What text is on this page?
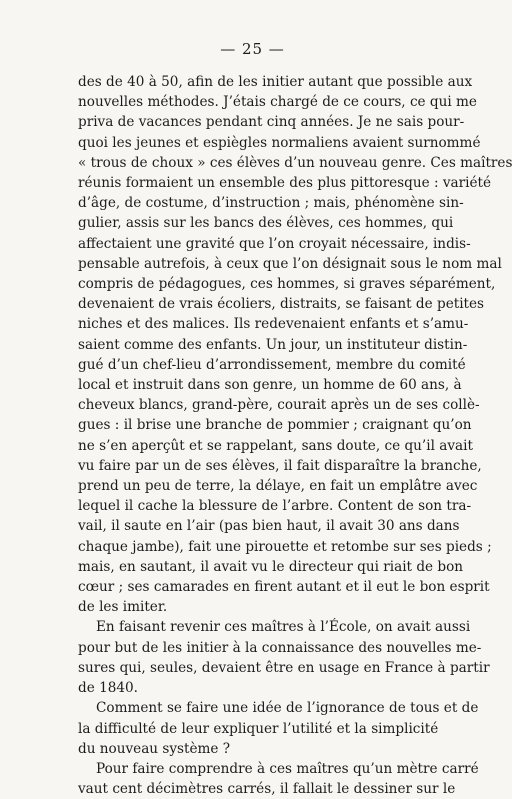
— 25 —

des de 40 à 50, afin de les initier autant que possible aux
nouvelles méthodes. J’étais chargé de ce cours, ce qui me
priva de vacances pendant cinq années. Je ne sais pour-
quoi les jeunes et espiègles normaliens avaient surnommé
« trous de choux » ces élèves d’un nouveau genre. Ces maîtres
réunis formaient un ensemble des plus pittoresque : variété
d’âge, de costume, d’instruction ; mais, phénomène sin-
gulier, assis sur les bancs des élèves, ces hommes, qui
affectaient une gravité que l’on croyait nécessaire, indis-
pensable autrefois, à ceux que l’on désignait sous le nom mal
compris de pédagogues, ces hommes, si graves séparément,
devenaient de vrais écoliers, distraits, se faisant de petites
niches et des malices. Ils redevenaient enfants et s’amu-
saient comme des enfants. Un jour, un instituteur distin-
gué d’un chef-lieu d’arrondissement, membre du comité
local et instruit dans son genre, un homme de 60 ans, à
cheveux blancs, grand-père, courait après un de ses collè-
gues : il brise une branche de pommier ; craignant qu’on
ne s’en aperçût et se rappelant, sans doute, ce qu’il avait
vu faire par un de ses élèves, il fait disparaître la branche,
prend un peu de terre, la délaye, en fait un emplâtre avec
lequel il cache la blessure de l’arbre. Content de son tra-
vail, il saute en l’air (pas bien haut, il avait 30 ans dans
chaque jambe), fait une pirouette et retombe sur ses pieds ;
mais, en sautant, il avait vu le directeur qui riait de bon
cœur ; ses camarades en firent autant et il eut le bon esprit
de les imiter.

En faisant revenir ces maîtres à l’École, on avait aussi
pour but de les initier à la connaissance des nouvelles me-
sures qui, seules, devaient être en usage en France à partir
de 1840.

Comment se faire une idée de l’ignorance de tous et de
la difficulté de leur expliquer l’utilité et la simplicité
du nouveau système ?

Pour faire comprendre à ces maîtres qu’un mètre carré
vaut cent décimètres carrés, il fallait le dessiner sur le
